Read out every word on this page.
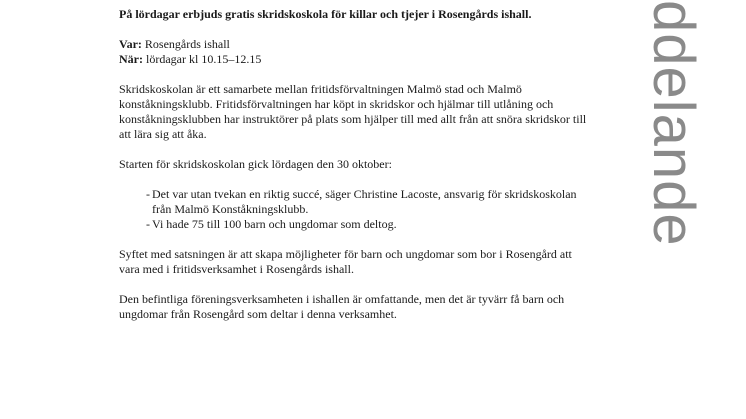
På lördagar erbjuds gratis skridskoskola för killar och tjejer i Rosengårds ishall.
Var: Rosengårds ishall
När: lördagar kl 10.15–12.15

Skridskoskolan är ett samarbete mellan fritidsförvaltningen Malmö stad och Malmö konståkningsklubb. Fritidsförvaltningen har köpt in skridskor och hjälmar till utlåning och konståkningsklubben har instruktörer på plats som hjälper till med allt från att snöra skridskor till att lära sig att åka.

Starten för skridskoskolan gick lördagen den 30 oktober:

- Det var utan tvekan en riktig succé, säger Christine Lacoste, ansvarig för skridskoskolan från Malmö Konståkningsklubb.
- Vi hade 75 till 100 barn och ungdomar som deltog.

Syftet med satsningen är att skapa möjligheter för barn och ungdomar som bor i Rosengård att vara med i fritidsverksamhet i Rosengårds ishall.

Den befintliga föreningsverksamheten i ishallen är omfattande, men det är tyvärr få barn och ungdomar från Rosengård som deltar i denna verksamhet.

ddelande
